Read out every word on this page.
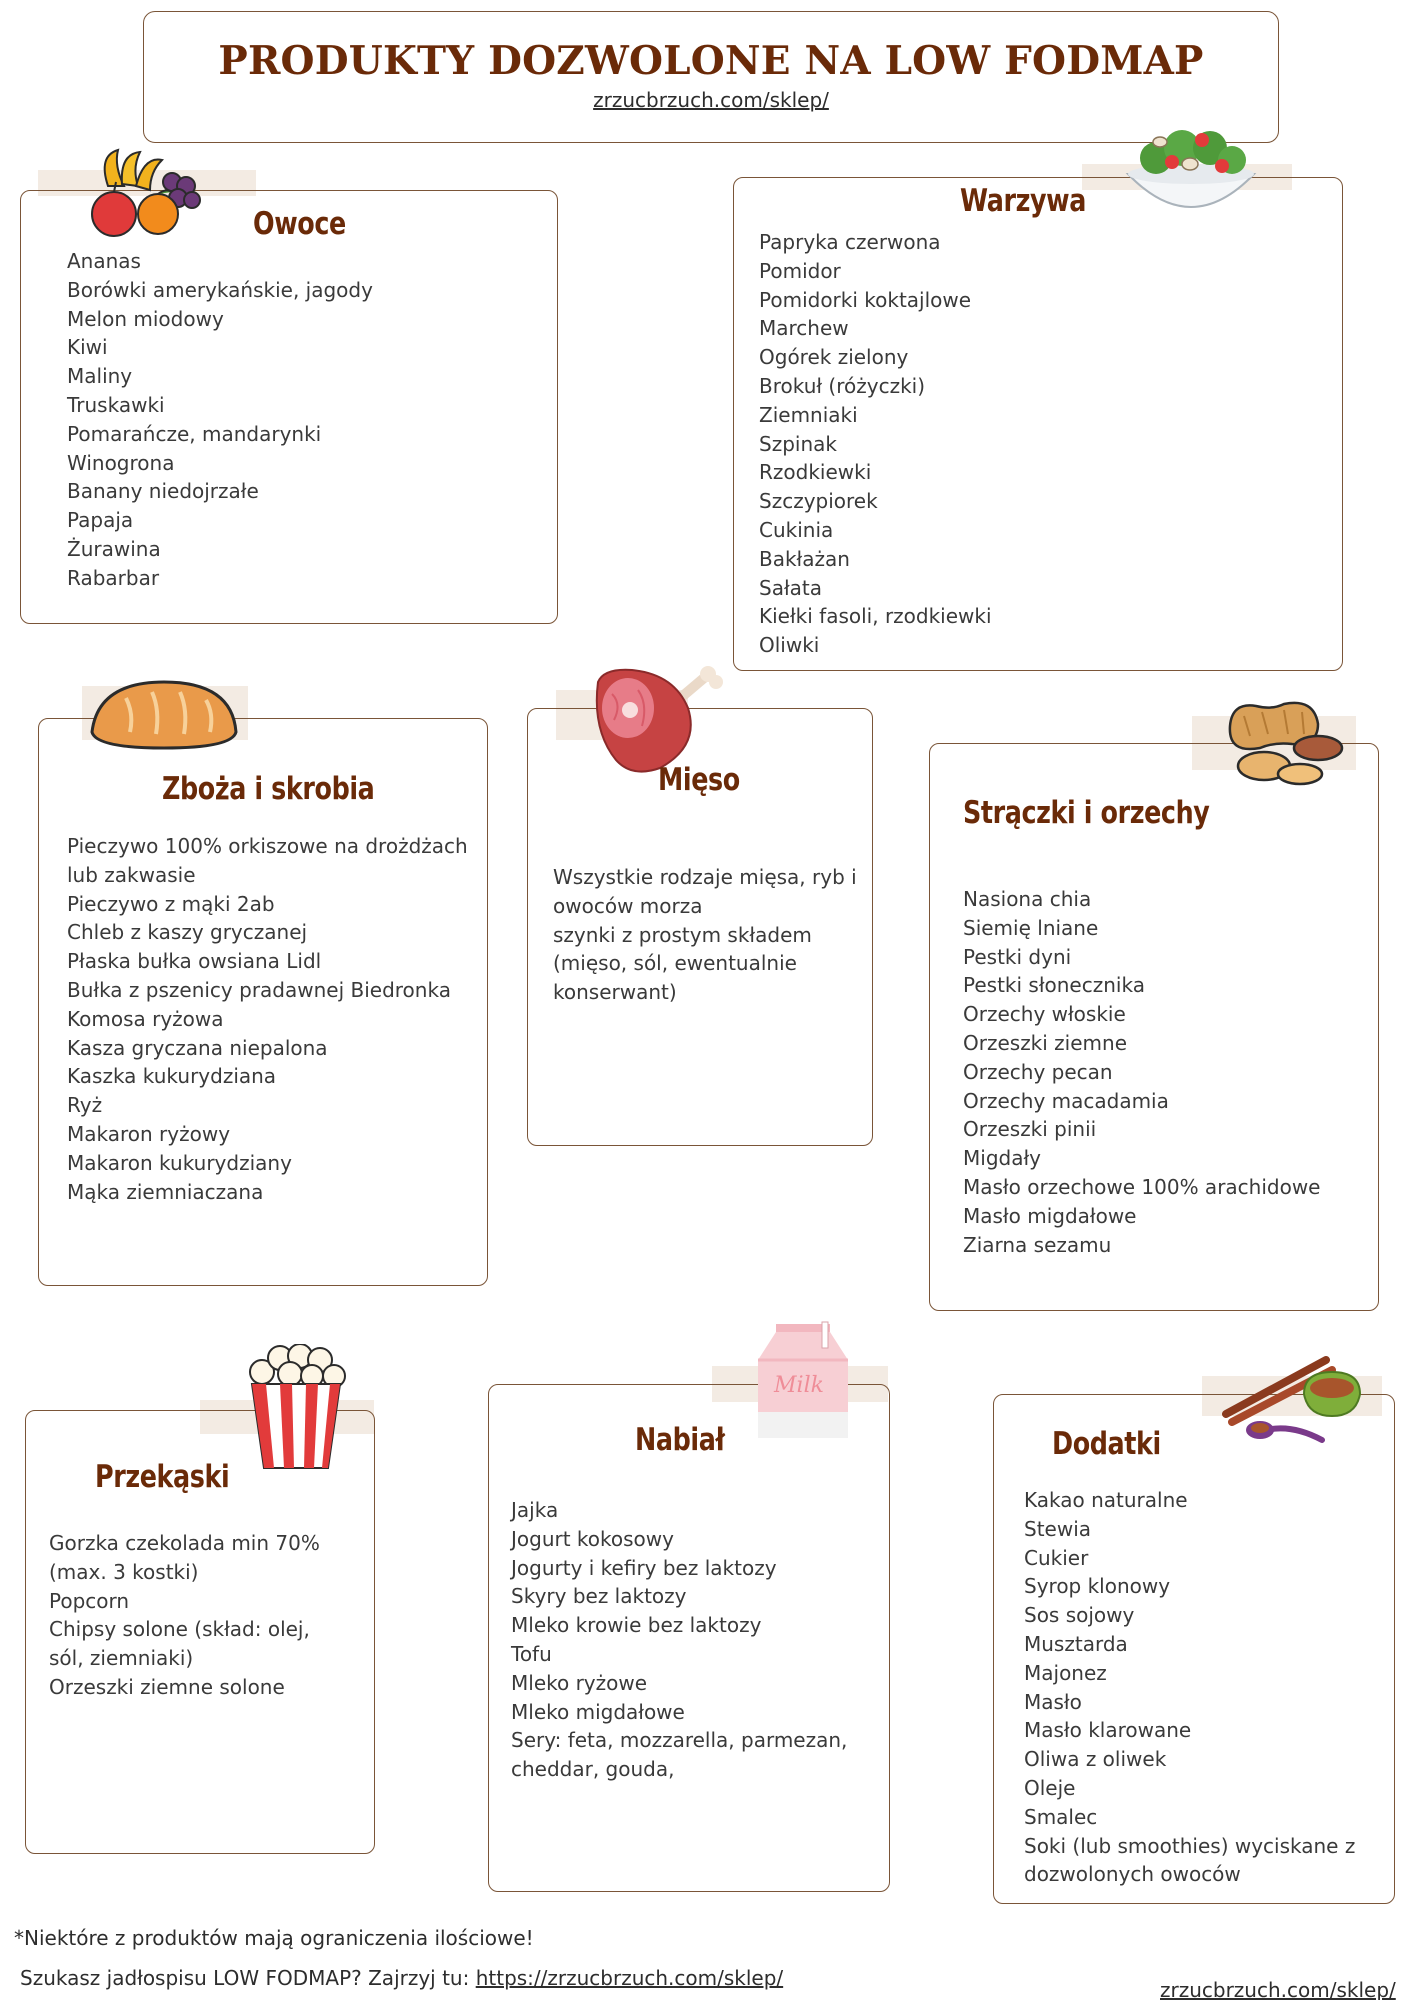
PRODUKTY DOZWOLONE NA LOW FODMAP
zrzucbrzuch.com/sklep/
Owoce
Ananas
Borówki amerykańskie, jagody
Melon miodowy
Kiwi
Maliny
Truskawki
Pomarańcze, mandarynki
Winogrona
Banany niedojrzałe
Papaja
Żurawina
Rabarbar
Warzywa
Papryka czerwona
Pomidor
Pomidorki koktajlowe
Marchew
Ogórek zielony
Brokuł (różyczki)
Ziemniaki
Szpinak
Rzodkiewki
Szczypiorek
Cukinia
Bakłażan
Sałata
Kiełki fasoli, rzodkiewki
Oliwki
Zboża i skrobia
Pieczywo 100% orkiszowe na drożdżach lub zakwasie
Pieczywo z mąki 2ab
Chleb z kaszy gryczanej
Płaska bułka owsiana Lidl
Bułka z pszenicy pradawnej Biedronka
Komosa ryżowa
Kasza gryczana niepalona
Kaszka kukurydziana
Ryż
Makaron ryżowy
Makaron kukurydziany
Mąka ziemniaczana
Mięso
Wszystkie rodzaje mięsa, ryb i owoców morza
szynki z prostym składem (mięso, sól, ewentualnie konserwant)
Strączki i orzechy
Nasiona chia
Siemię lniane
Pestki dyni
Pestki słonecznika
Orzechy włoskie
Orzeszki ziemne
Orzechy pecan
Orzechy macadamia
Orzeszki pinii
Migdały
Masło orzechowe 100% arachidowe
Masło migdałowe
Ziarna sezamu
Przekąski
Gorzka czekolada min 70% (max. 3 kostki)
Popcorn
Chipsy solone (skład: olej, sól, ziemniaki)
Orzeszki ziemne solone
Milk
Nabiał
Jajka
Jogurt kokosowy
Jogurty i kefiry bez laktozy
Skyry bez laktozy
Mleko krowie bez laktozy
Tofu
Mleko ryżowe
Mleko migdałowe
Sery: feta, mozzarella, parmezan, cheddar, gouda,
Dodatki
Kakao naturalne
Stewia
Cukier
Syrop klonowy
Sos sojowy
Musztarda
Majonez
Masło
Masło klarowane
Oliwa z oliwek
Oleje
Smalec
Soki (lub smoothies) wyciskane z dozwolonych owoców
*Niektóre z produktów mają ograniczenia ilościowe!
Szukasz jadłospisu LOW FODMAP? Zajrzyj tu: https://zrzucbrzuch.com/sklep/	zrzucbrzuch.com/sklep/
